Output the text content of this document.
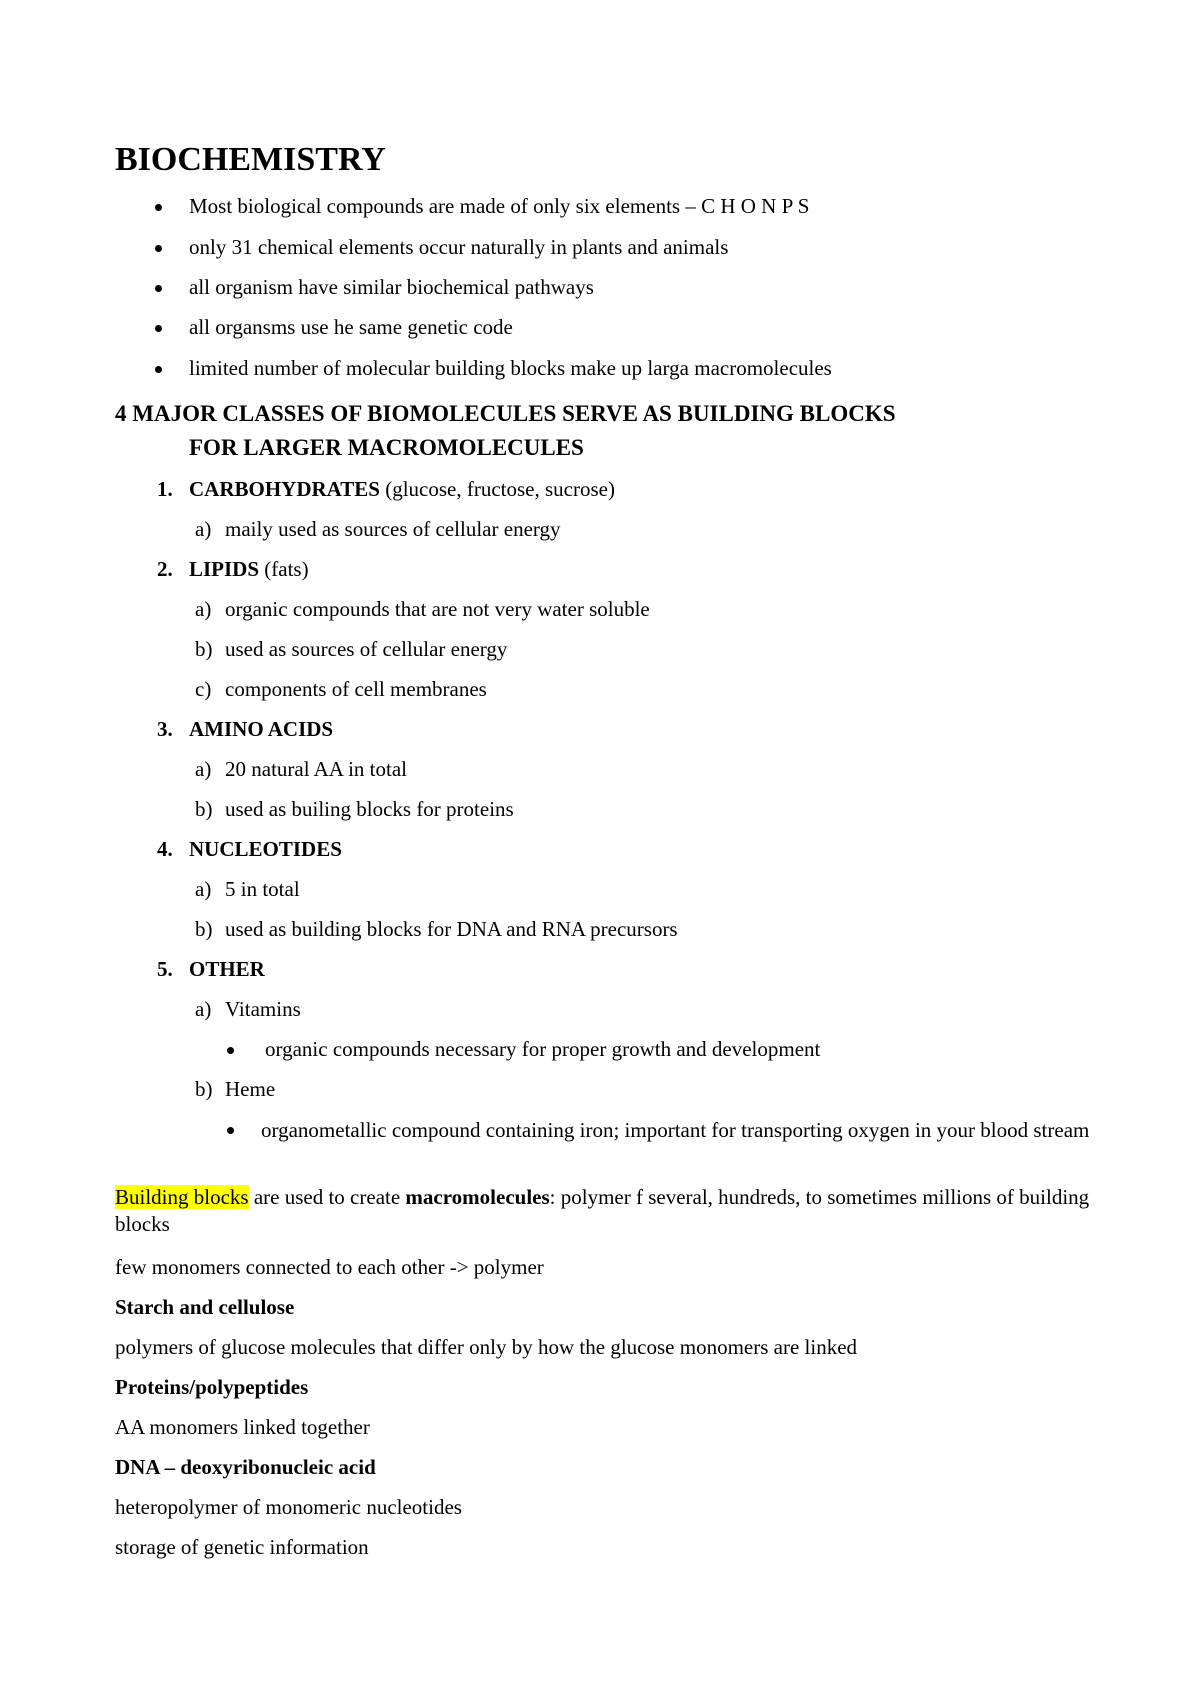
BIOCHEMISTRY
Most biological compounds are made of only six elements – C H O N P S
only 31 chemical elements occur naturally in plants and animals
all organism have similar biochemical pathways
all organsms use he same genetic code
limited number of molecular building blocks make up larga macromolecules
4 MAJOR CLASSES OF BIOMOLECULES SERVE AS BUILDING BLOCKS
FOR LARGER MACROMOLECULES
1. CARBOHYDRATES (glucose, fructose, sucrose)
a) maily used as sources of cellular energy
2. LIPIDS (fats)
a) organic compounds that are not very water soluble
b) used as sources of cellular energy
c) components of cell membranes
3. AMINO ACIDS
a) 20 natural AA in total
b) used as builing blocks for proteins
4. NUCLEOTIDES
a) 5 in total
b) used as building blocks for DNA and RNA precursors
5. OTHER
a) Vitamins
organic compounds necessary for proper growth and development
b) Heme
organometallic compound containing iron; important for transporting oxygen in your blood stream
Building blocks are used to create macromolecules: polymer f several, hundreds, to sometimes millions of building blocks
few monomers connected to each other -> polymer
Starch and cellulose
polymers of glucose molecules that differ only by how the glucose monomers are linked
Proteins/polypeptides
AA monomers linked together
DNA – deoxyribonucleic acid
heteropolymer of monomeric nucleotides
storage of genetic information
